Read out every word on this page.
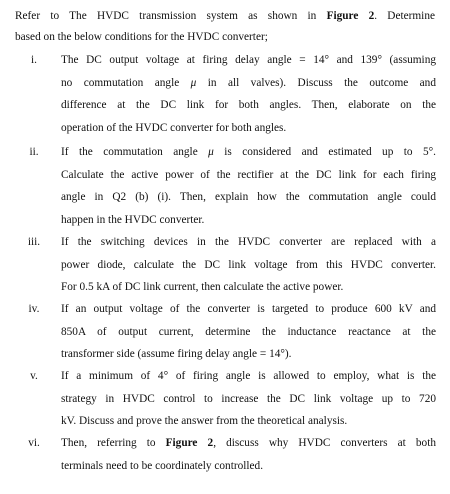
Refer to The HVDC transmission system as shown in Figure 2. Determine
based on the below conditions for the HVDC converter;
i.	The DC output voltage at firing delay angle = 14° and 139° (assuming
no commutation angle μ in all valves). Discuss the outcome and
difference at the DC link for both angles. Then, elaborate on the
operation of the HVDC converter for both angles.
ii.	If the commutation angle μ is considered and estimated up to 5°.
Calculate the active power of the rectifier at the DC link for each firing
angle in Q2 (b) (i). Then, explain how the commutation angle could
happen in the HVDC converter.
iii.	If the switching devices in the HVDC converter are replaced with a
power diode, calculate the DC link voltage from this HVDC converter.
For 0.5 kA of DC link current, then calculate the active power.
iv.	If an output voltage of the converter is targeted to produce 600 kV and
850A of output current, determine the inductance reactance at the
transformer side (assume firing delay angle = 14°).
v.	If a minimum of 4° of firing angle is allowed to employ, what is the
strategy in HVDC control to increase the DC link voltage up to 720
kV. Discuss and prove the answer from the theoretical analysis.
vi.	Then, referring to Figure 2, discuss why HVDC converters at both
terminals need to be coordinately controlled.
